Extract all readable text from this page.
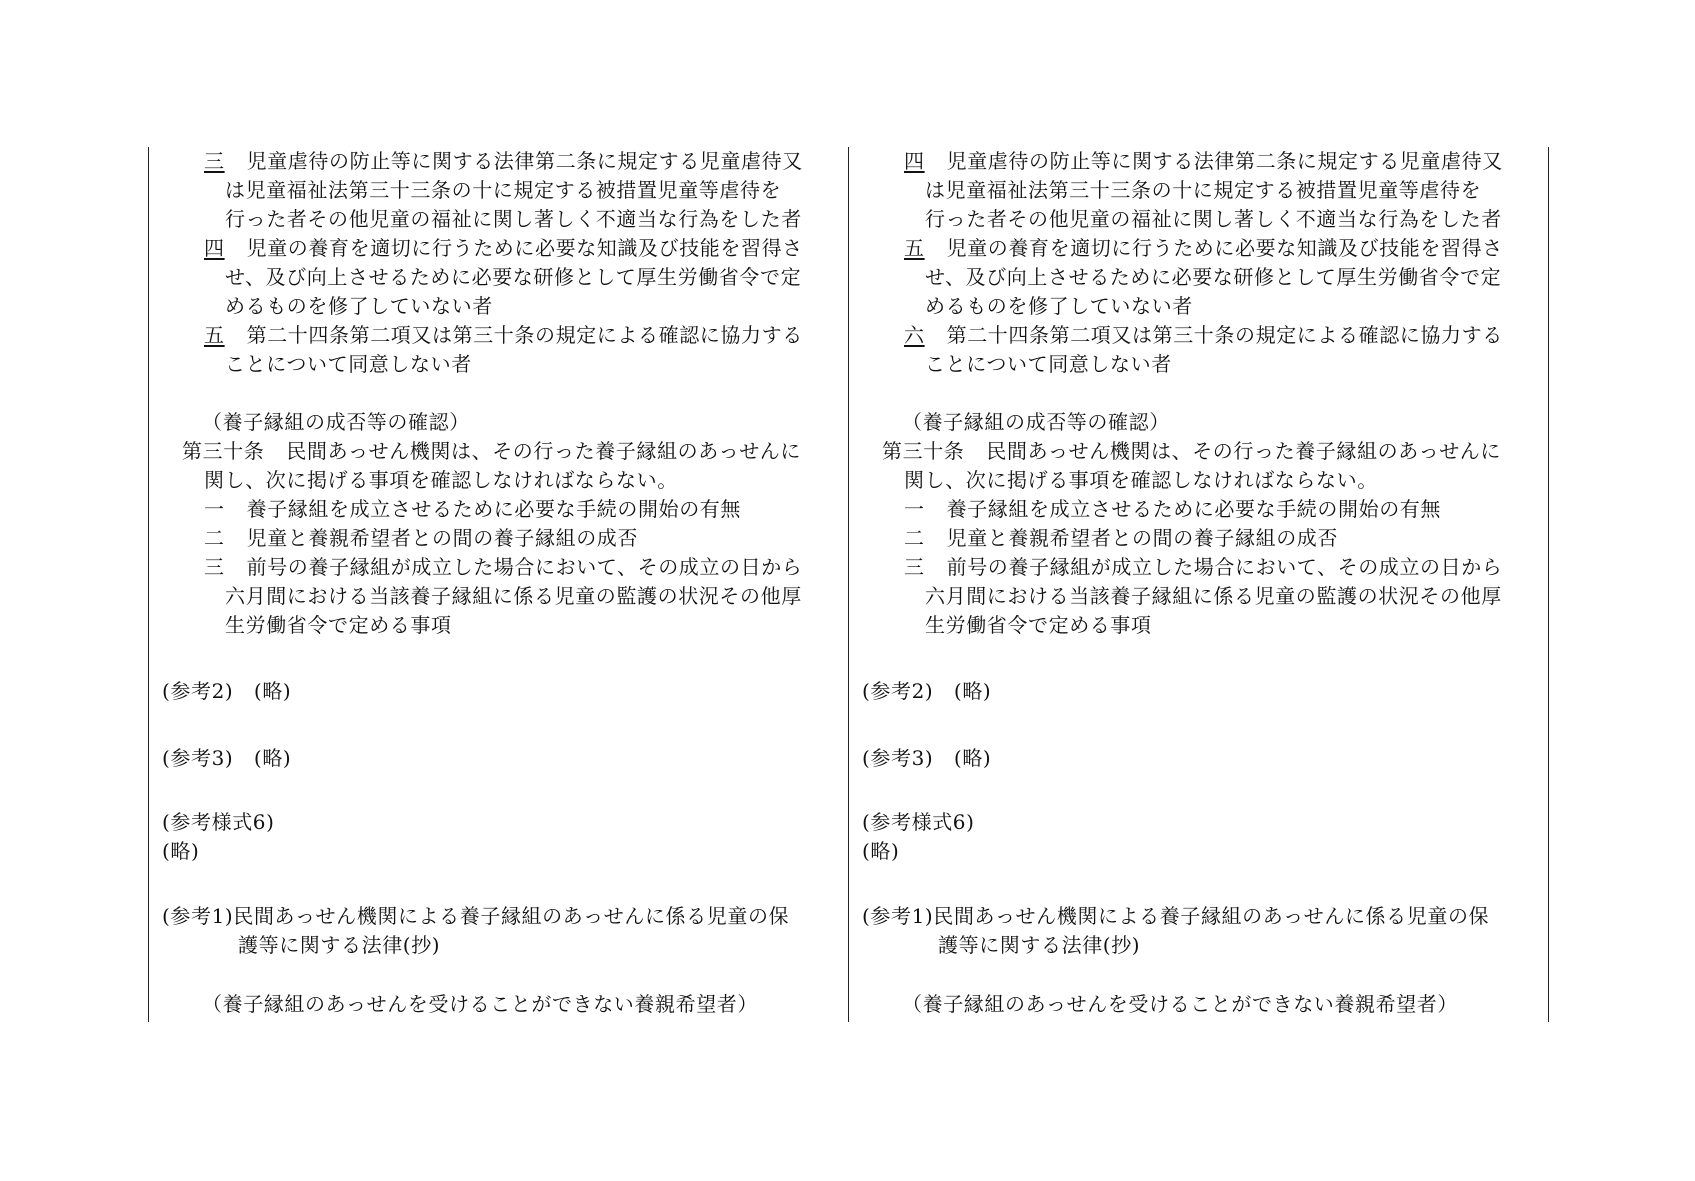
三 児童虐待の防止等に関する法律第二条に規定する児童虐待又
は児童福祉法第三十三条の十に規定する被措置児童等虐待を
行った者その他児童の福祉に関し著しく不適当な行為をした者
四 児童の養育を適切に行うために必要な知識及び技能を習得さ
せ、及び向上させるために必要な研修として厚生労働省令で定
めるものを修了していない者
五 第二十四条第二項又は第三十条の規定による確認に協力する
ことについて同意しない者
（養子縁組の成否等の確認）
第三十条 民間あっせん機関は、その行った養子縁組のあっせんに
関し、次に掲げる事項を確認しなければならない。
一 養子縁組を成立させるために必要な手続の開始の有無
二 児童と養親希望者との間の養子縁組の成否
三 前号の養子縁組が成立した場合において、その成立の日から
六月間における当該養子縁組に係る児童の監護の状況その他厚
生労働省令で定める事項
(参考2)　(略)
(参考3)　(略)
(参考様式6)
(略)
(参考1)民間あっせん機関による養子縁組のあっせんに係る児童の保
護等に関する法律(抄)
（養子縁組のあっせんを受けることができない養親希望者）
四 児童虐待の防止等に関する法律第二条に規定する児童虐待又
は児童福祉法第三十三条の十に規定する被措置児童等虐待を
行った者その他児童の福祉に関し著しく不適当な行為をした者
五 児童の養育を適切に行うために必要な知識及び技能を習得さ
せ、及び向上させるために必要な研修として厚生労働省令で定
めるものを修了していない者
六 第二十四条第二項又は第三十条の規定による確認に協力する
ことについて同意しない者
（養子縁組の成否等の確認）
第三十条 民間あっせん機関は、その行った養子縁組のあっせんに
関し、次に掲げる事項を確認しなければならない。
一 養子縁組を成立させるために必要な手続の開始の有無
二 児童と養親希望者との間の養子縁組の成否
三 前号の養子縁組が成立した場合において、その成立の日から
六月間における当該養子縁組に係る児童の監護の状況その他厚
生労働省令で定める事項
(参考2)　(略)
(参考3)　(略)
(参考様式6)
(略)
(参考1)民間あっせん機関による養子縁組のあっせんに係る児童の保
護等に関する法律(抄)
（養子縁組のあっせんを受けることができない養親希望者）
